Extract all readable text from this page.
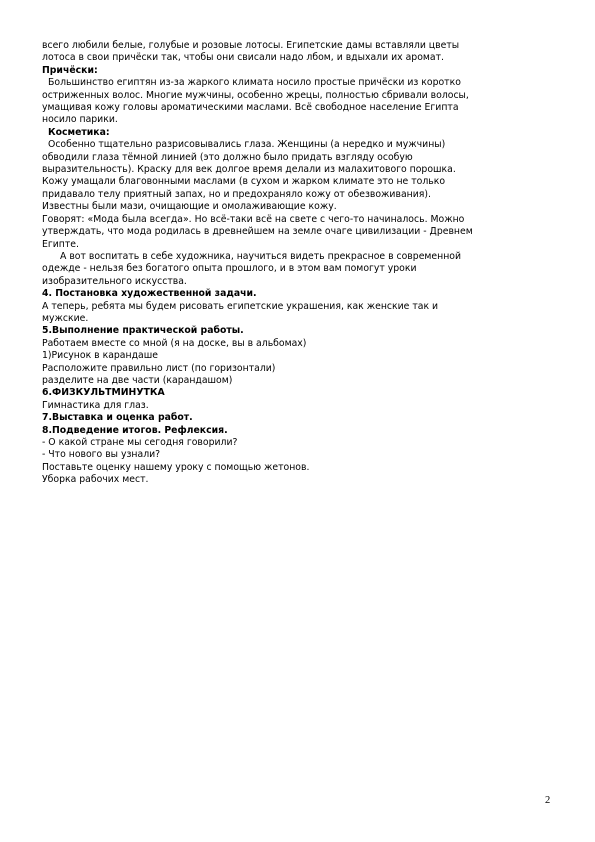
всего любили белые, голубые и розовые лотосы. Египетские дамы вставляли цветы
лотоса в свои причёски так, чтобы они свисали надо лбом, и вдыхали их аромат.
Причёски:
Большинство египтян из-за жаркого климата носило простые причёски из коротко
остриженных волос. Многие мужчины, особенно жрецы, полностью сбривали волосы,
умащивая кожу головы ароматическими маслами. Всё свободное население Египта
носило парики.
Косметика:
Особенно тщательно разрисовывались глаза. Женщины (а нередко и мужчины)
обводили глаза тёмной линией (это должно было придать взгляду особую
выразительность). Краску для век долгое время делали из малахитового порошка.
Кожу умащали благовонными маслами (в сухом и жарком климате это не только
придавало телу приятный запах, но и предохраняло кожу от обезвоживания).
Известны были мази, очищающие и омолаживающие кожу.
Говорят: «Мода была всегда». Но всё-таки всё на свете с чего-то начиналось. Можно
утверждать, что мода родилась в древнейшем на земле очаге цивилизации - Древнем
Египте.
А вот воспитать в себе художника, научиться видеть прекрасное в современной
одежде - нельзя без богатого опыта прошлого, и в этом вам помогут уроки
изобразительного искусства.
4. Постановка художественной задачи.
А теперь, ребята мы будем рисовать египетские украшения, как женские так и
мужские.
5.Выполнение практической работы.
Работаем вместе со мной (я на доске, вы в альбомах)
1)Рисунок в карандаше
Расположите правильно лист (по горизонтали)
разделите на две части (карандашом)
6.ФИЗКУЛЬТМИНУТКА
Гимнастика для глаз.
7.Выставка и оценка работ.
8.Подведение итогов. Рефлексия.
- О какой стране мы сегодня говорили?
- Что нового вы узнали?
Поставьте оценку нашему уроку с помощью жетонов.
Уборка рабочих мест.
2
